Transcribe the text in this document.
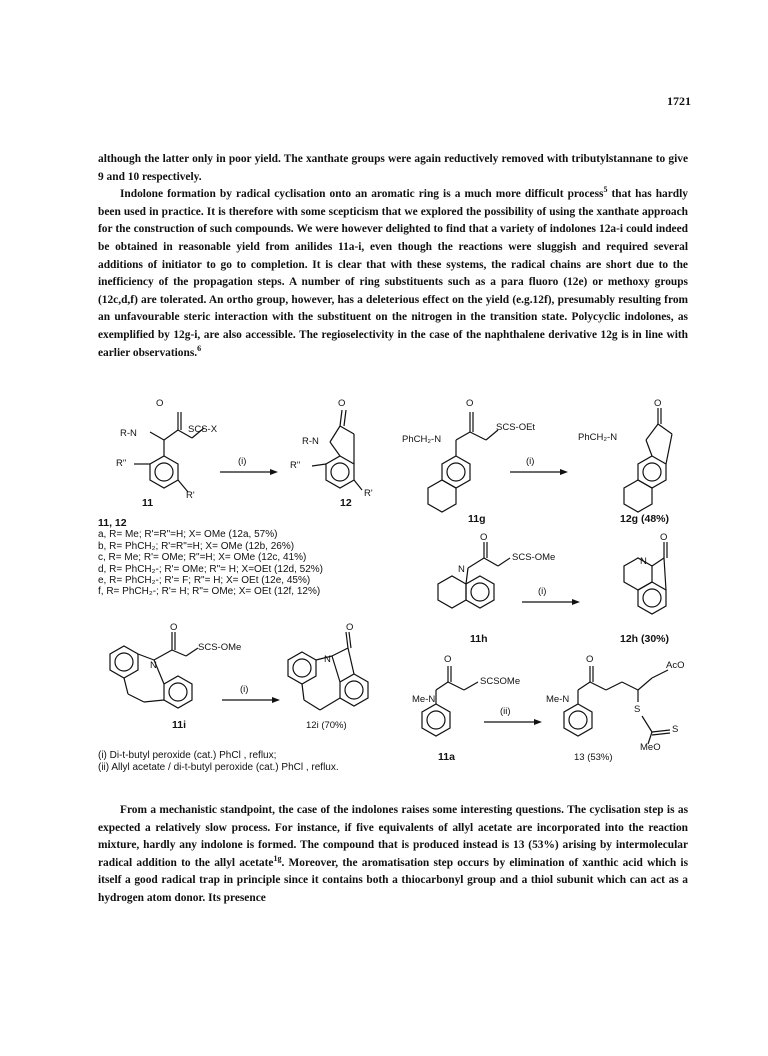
1721

although the latter only in poor yield. The xanthate groups were again reductively removed with tributylstannane to give 9 and 10 respectively.

Indolone formation by radical cyclisation onto an aromatic ring is a much more difficult process$^5$ that has hardly been used in practice. It is therefore with some scepticism that we explored the possibility of using the xanthate approach for the construction of such compounds. We were however delighted to find that a variety of indolones 12a-i could indeed be obtained in reasonable yield from anilides 11a-i, even though the reactions were sluggish and required several additions of initiator to go to completion. It is clear that with these systems, the radical chains are short due to the inefficiency of the propagation steps. A number of ring substituents such as a para fluoro (12e) or methoxy groups (12c,d,f) are tolerated. An ortho group, however, has a deleterious effect on the yield (e.g.12f), presumably resulting from an unfavourable steric interaction with the substituent on the nitrogen in the transition state. Polycyclic indolones, as exemplified by 12g-i, are also accessible. The regioselectivity in the case of the naphthalene derivative 12g is in line with earlier observations.$^6$

O
R-N	SCS-X
R"
R'
11
(i)
O
R-N
R"
R'
12
O
PhCH₂-N
SCS-OEt
(i)
11g
O
PhCH₂-N
12g (48%)
11, 12
a, R= Me; R'=R"=H; X= OMe (12a, 57%)
b, R= PhCH₂; R'=R"=H; X= OMe (12b, 26%)
c, R= Me; R'= OMe; R"=H; X= OMe (12c, 41%)
d, R= PhCH₂-; R'= OMe; R"= H; X=OEt (12d, 52%)
e, R= PhCH₂-; R'= F; R"= H; X= OEt (12e, 45%)
f, R= PhCH₂-; R'= H; R"= OMe; X= OEt (12f, 12%)
O
N
SCS-OMe
(i)
11h
O
N
12h (30%)
O
N
SCS-OMe
(i)
11i
O
N
12i (70%)
O
Me-N
SCSOMe
(ii)
11a
O
Me-N
AcO
S
S
MeO
13 (53%)
(i) Di-t-butyl peroxide (cat.) PhCl , reflux;
(ii) Allyl acetate / di-t-butyl peroxide (cat.) PhCl , reflux.

From a mechanistic standpoint, the case of the indolones raises some interesting questions. The cyclisation step is as expected a relatively slow process. For instance, if five equivalents of allyl acetate are incorporated into the reaction mixture, hardly any indolone is formed. The compound that is produced instead is 13 (53%) arising by intermolecular radical addition to the allyl acetate$^{1g}$. Moreover, the aromatisation step occurs by elimination of xanthic acid which is itself a good radical trap in principle since it contains both a thiocarbonyl group and a thiol subunit which can act as a hydrogen atom donor. Its presence
